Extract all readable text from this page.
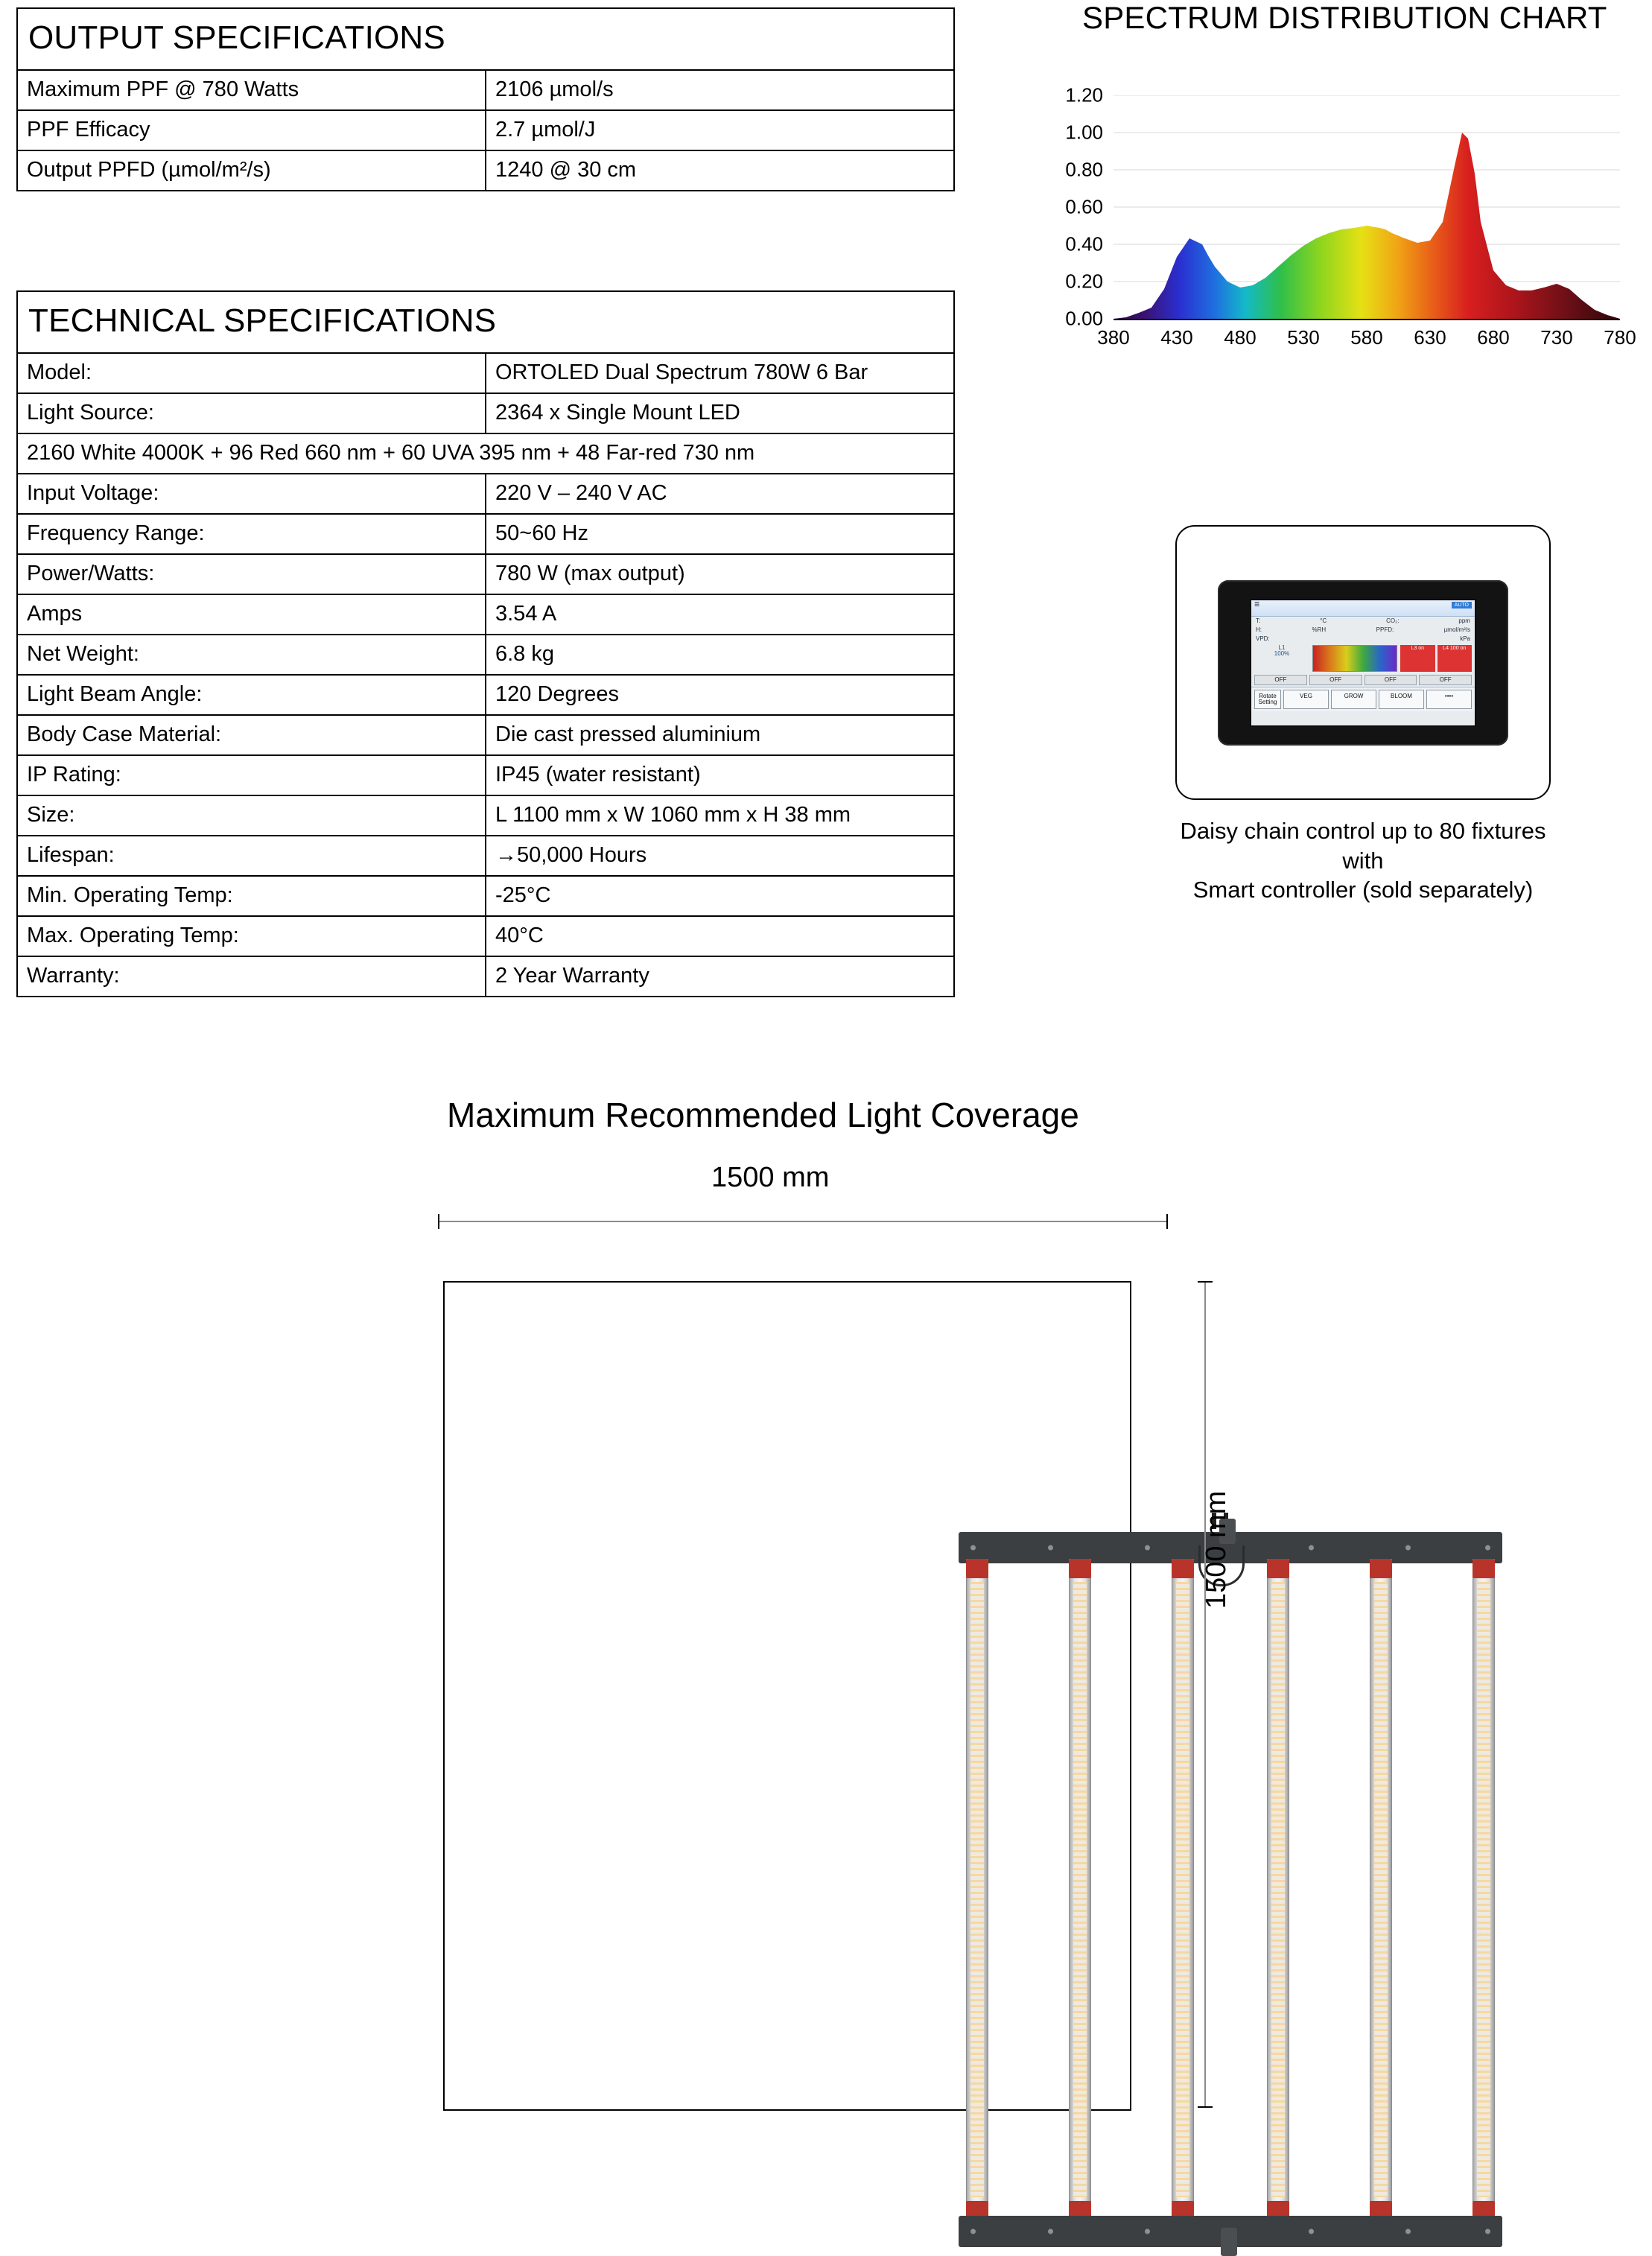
OUTPUT SPECIFICATIONS	
Maximum PPF @ 780 Watts	2106 µmol/s
PPF Efficacy	2.7 µmol/J
Output PPFD (µmol/m²/s)	1240 @ 30 cm
TECHNICAL SPECIFICATIONS	
Model:	ORTOLED Dual Spectrum 780W 6 Bar
Light Source:	2364 x Single Mount LED
2160 White 4000K + 96 Red 660 nm + 60 UVA 395 nm + 48 Far-red 730 nm	
Input Voltage:	220 V – 240 V AC
Frequency Range:	50~60 Hz
Power/Watts:	780 W (max output)
Amps	3.54 A
Net Weight:	6.8 kg
Light Beam Angle:	120 Degrees
Body Case Material:	Die cast pressed aluminium
IP Rating:	IP45 (water resistant)
Size:	L 1100 mm x W 1060 mm x H 38 mm
Lifespan:	→50,000 Hours
Min. Operating Temp:	-25°C
Max. Operating Temp:	40°C
Warranty:	2 Year Warranty
SPECTRUM DISTRIBUTION CHART
0.00
0.20
0.40
0.60
0.80
1.00
1.20
380 430 480 530 580 630 680 730 780
☰	AUTO
T:	°C	CO₂:	ppm
H:	%RH	PPFD:	µmol/m²/s
VPD:	kPa
L1
100%
L3 on	L4 100 on
OFF	OFF	OFF	OFF
Rotate Setting
VEG	GROW	BLOOM	••••
Daisy chain control up to 80 fixtures with
Smart controller (sold separately)
Maximum Recommended Light Coverage
1500 mm
1500 mm
